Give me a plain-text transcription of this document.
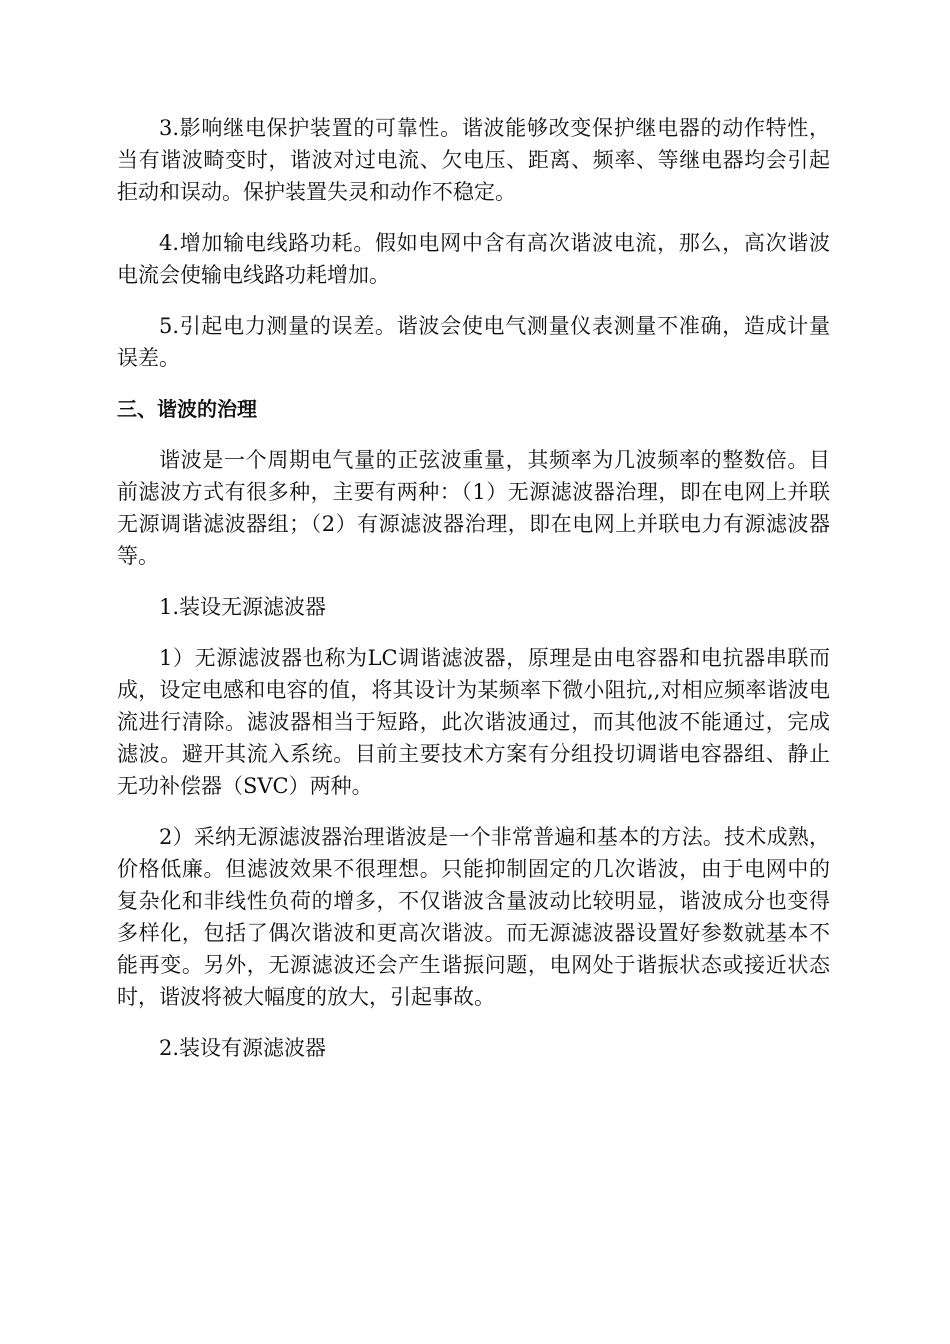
3.影响继电保护装置的可靠性。谐波能够改变保护继电器的动作特性，当有谐波畸变时，谐波对过电流、欠电压、距离、频率、等继电器均会引起拒动和误动。保护装置失灵和动作不稳定。

4.增加输电线路功耗。假如电网中含有高次谐波电流，那么，高次谐波电流会使输电线路功耗增加。

5.引起电力测量的误差。谐波会使电气测量仪表测量不准确，造成计量误差。

三、谐波的治理

谐波是一个周期电气量的正弦波重量，其频率为几波频率的整数倍。目前滤波方式有很多种，主要有两种：（1）无源滤波器治理，即在电网上并联无源调谐滤波器组；（2）有源滤波器治理，即在电网上并联电力有源滤波器等。

1.装设无源滤波器

1）无源滤波器也称为LC调谐滤波器，原理是由电容器和电抗器串联而成，设定电感和电容的值，将其设计为某频率下微小阻抗,,对相应频率谐波电流进行清除。滤波器相当于短路，此次谐波通过，而其他波不能通过，完成滤波。避开其流入系统。目前主要技术方案有分组投切调谐电容器组、静止无功补偿器（SVC）两种。

2）采纳无源滤波器治理谐波是一个非常普遍和基本的方法。技术成熟，价格低廉。但滤波效果不很理想。只能抑制固定的几次谐波，由于电网中的复杂化和非线性负荷的增多，不仅谐波含量波动比较明显，谐波成分也变得多样化，包括了偶次谐波和更高次谐波。而无源滤波器设置好参数就基本不能再变。另外，无源滤波还会产生谐振问题，电网处于谐振状态或接近状态时，谐波将被大幅度的放大，引起事故。

2.装设有源滤波器
